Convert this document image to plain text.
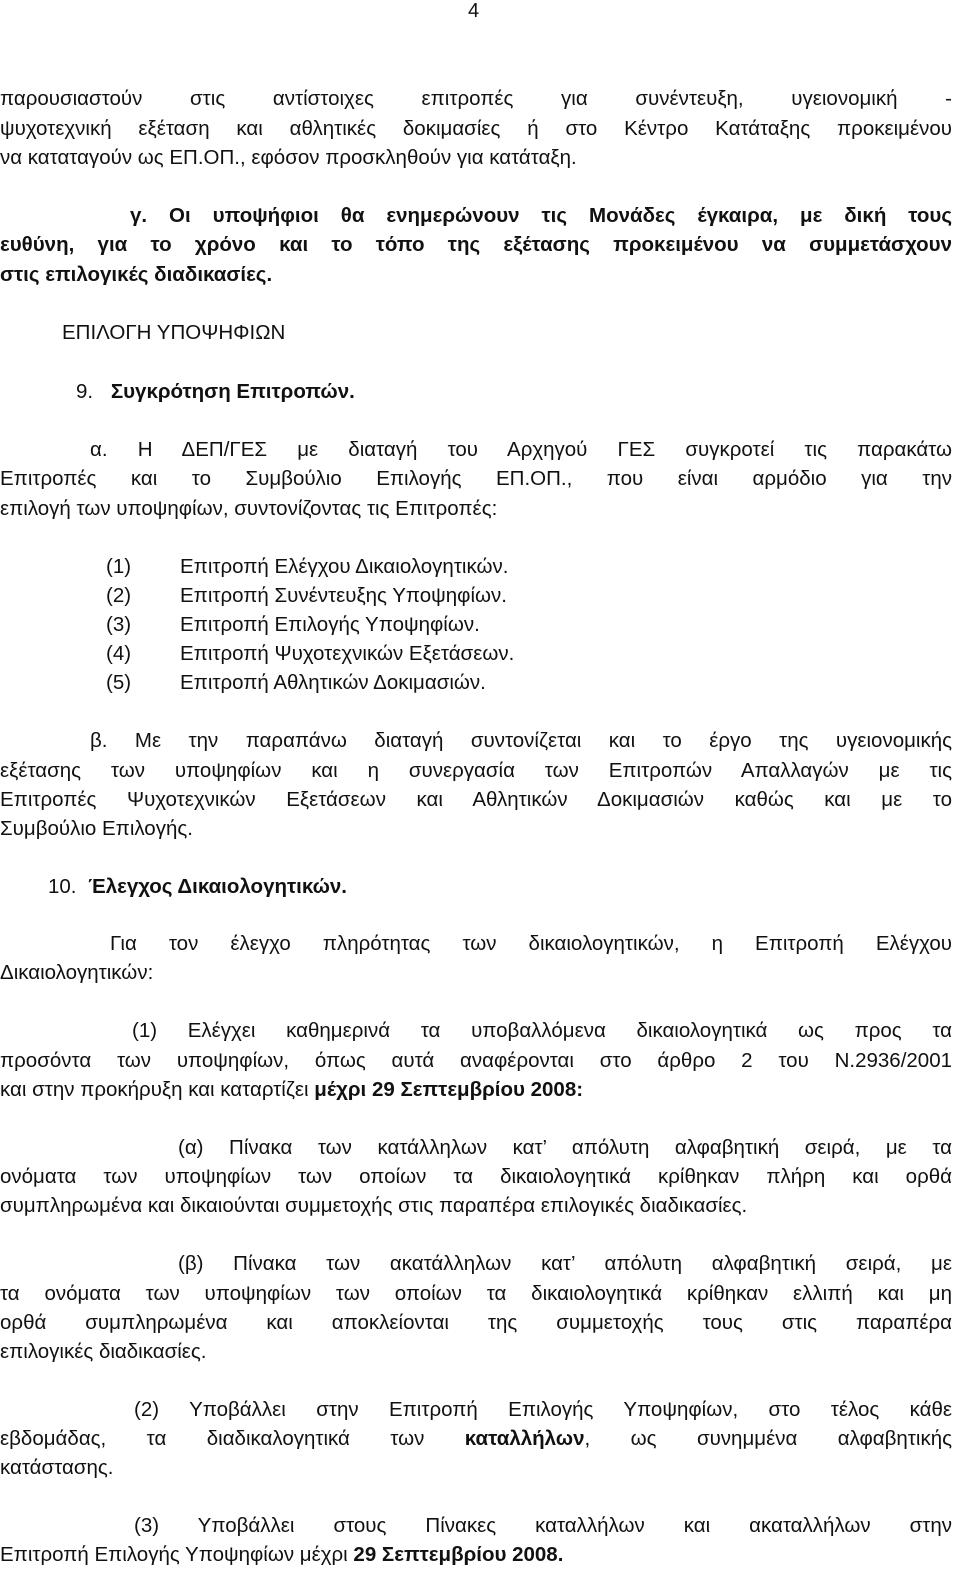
4
παρουσιαστούν στις αντίστοιχες επιτροπές για συνέντευξη, υγειονομική -
ψυχοτεχνική εξέταση και αθλητικές δοκιμασίες ή στο Κέντρο Κατάταξης προκειμένου
να καταταγούν ως ΕΠ.ΟΠ., εφόσον προσκληθούν για κατάταξη.
γ. Οι υποψήφιοι θα ενημερώνουν τις Μονάδες έγκαιρα, με δική τους
ευθύνη, για το χρόνο και το τόπο της εξέτασης προκειμένου να συμμετάσχουν
στις επιλογικές διαδικασίες.
ΕΠΙΛΟΓΗ ΥΠΟΨΗΦΙΩΝ
9. Συγκρότηση Επιτροπών.
α. Η ΔΕΠ/ΓΕΣ με διαταγή του Αρχηγού ΓΕΣ συγκροτεί τις παρακάτω
Επιτροπές και το Συμβούλιο Επιλογής ΕΠ.ΟΠ., που είναι αρμόδιο για την
επιλογή των υποψηφίων, συντονίζοντας τις Επιτροπές:
(1) Επιτροπή Ελέγχου Δικαιολογητικών.
(2) Επιτροπή Συνέντευξης Υποψηφίων.
(3) Επιτροπή Επιλογής Υποψηφίων.
(4) Επιτροπή Ψυχοτεχνικών Εξετάσεων.
(5) Επιτροπή Αθλητικών Δοκιμασιών.
β. Με την παραπάνω διαταγή συντονίζεται και το έργο της υγειονομικής
εξέτασης των υποψηφίων και η συνεργασία των Επιτροπών Απαλλαγών με τις
Επιτροπές Ψυχοτεχνικών Εξετάσεων και Αθλητικών Δοκιμασιών καθώς και με το
Συμβούλιο Επιλογής.
10. Έλεγχος Δικαιολογητικών.
Για τον έλεγχο πληρότητας των δικαιολογητικών, η Επιτροπή Ελέγχου
Δικαιολογητικών:
(1) Ελέγχει καθημερινά τα υποβαλλόμενα δικαιολογητικά ως προς τα
προσόντα των υποψηφίων, όπως αυτά αναφέρονται στο άρθρο 2 του Ν.2936/2001
και στην προκήρυξη και καταρτίζει μέχρι 29 Σεπτεμβρίου 2008:
(α) Πίνακα των κατάλληλων κατ’ απόλυτη αλφαβητική σειρά, με τα
ονόματα των υποψηφίων των οποίων τα δικαιολογητικά κρίθηκαν πλήρη και ορθά
συμπληρωμένα και δικαιούνται συμμετοχής στις παραπέρα επιλογικές διαδικασίες.
(β) Πίνακα των ακατάλληλων κατ’ απόλυτη αλφαβητική σειρά, με
τα ονόματα των υποψηφίων των οποίων τα δικαιολογητικά κρίθηκαν ελλιπή και μη
ορθά συμπληρωμένα και αποκλείονται της συμμετοχής τους στις παραπέρα
επιλογικές διαδικασίες.
(2) Υποβάλλει στην Επιτροπή Επιλογής Υποψηφίων, στο τέλος κάθε
εβδομάδας, τα διαδικαλογητικά των καταλλήλων, ως συνημμένα αλφαβητικής
κατάστασης.
(3) Υποβάλλει στους Πίνακες καταλλήλων και ακαταλλήλων στην
Επιτροπή Επιλογής Υποψηφίων μέχρι 29 Σεπτεμβρίου 2008.
